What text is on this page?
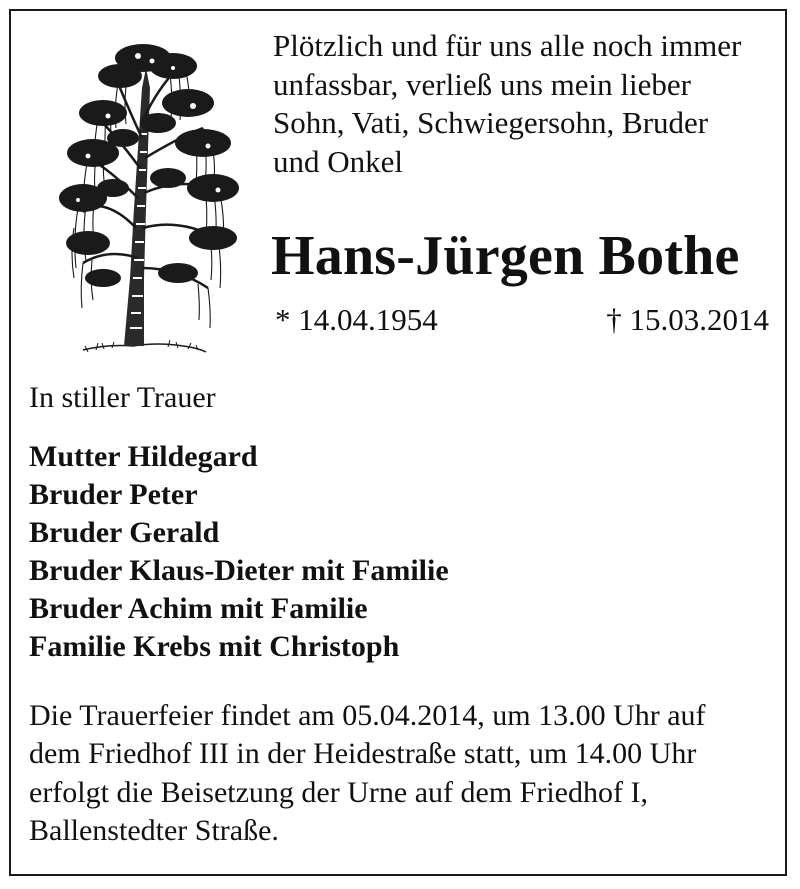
Plötzlich und für uns alle noch immer
unfassbar, verließ uns mein lieber
Sohn, Vati, Schwiegersohn, Bruder
und Onkel

Hans-Jürgen Bothe
* 14.04.1954	† 15.03.2014
In stiller Trauer
Mutter Hildegard
Bruder Peter
Bruder Gerald
Bruder Klaus-Dieter mit Familie
Bruder Achim mit Familie
Familie Krebs mit Christoph

Die Trauerfeier findet am 05.04.2014, um 13.00 Uhr auf
dem Friedhof III in der Heidestraße statt, um 14.00 Uhr
erfolgt die Beisetzung der Urne auf dem Friedhof I,
Ballenstedter Straße.
